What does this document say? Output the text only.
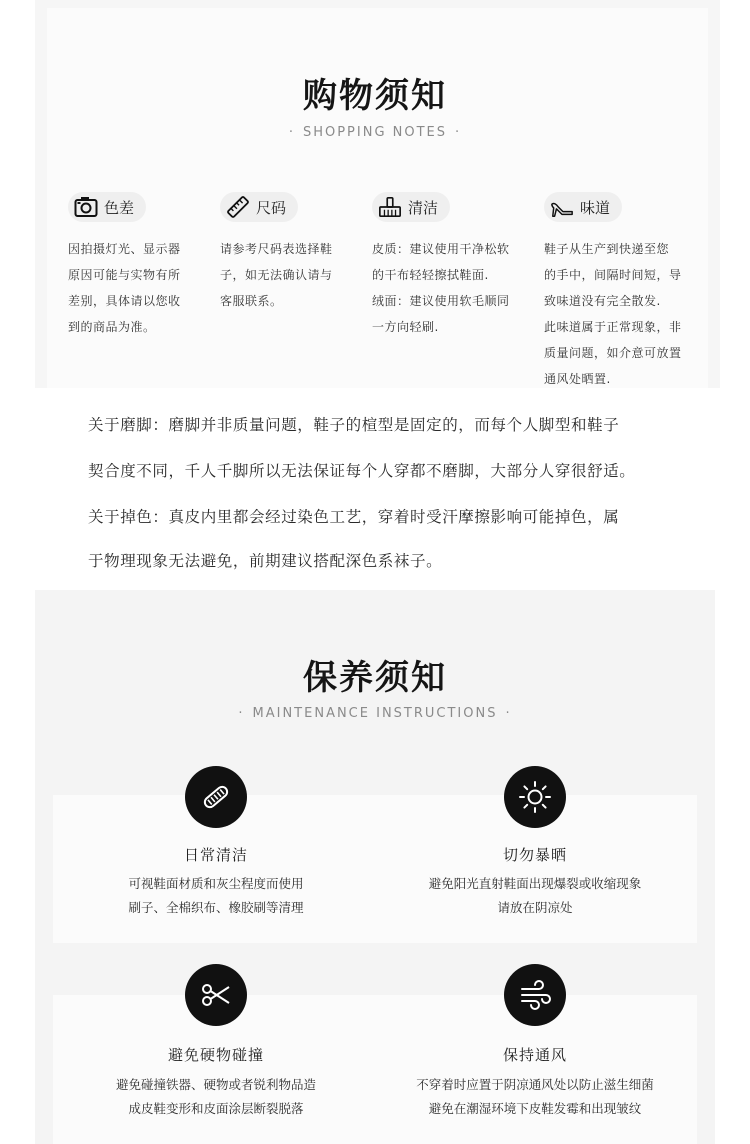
购物须知
· SHOPPING NOTES ·
色差

因拍摄灯光、显示器

原因可能与实物有所

差别，具体请以您收

到的商品为准。

尺码

请参考尺码表选择鞋

子，如无法确认请与

客服联系。

清洁

皮质：建议使用干净松软

的干布轻轻擦拭鞋面.

绒面：建议使用软毛顺同

一方向轻刷.

味道

鞋子从生产到快递至您

的手中，间隔时间短，导

致味道没有完全散发.

此味道属于正常现象，非

质量问题，如介意可放置

通风处晒置.

关于磨脚：磨脚并非质量问题，鞋子的楦型是固定的，而每个人脚型和鞋子
契合度不同，千人千脚所以无法保证每个人穿都不磨脚，大部分人穿很舒适。
关于掉色：真皮内里都会经过染色工艺，穿着时受汗摩擦影响可能掉色，属
于物理现象无法避免，前期建议搭配深色系袜子。
保养须知
· MAINTENANCE INSTRUCTIONS ·
日常清洁
可视鞋面材质和灰尘程度而使用
刷子、全棉织布、橡胶刷等清理
切勿暴晒
避免阳光直射鞋面出现爆裂或收缩现象
请放在阴凉处
避免硬物碰撞
避免碰撞铁器、硬物或者锐利物品造
成皮鞋变形和皮面涂层断裂脱落
保持通风
不穿着时应置于阴凉通风处以防止滋生细菌
避免在潮湿环境下皮鞋发霉和出现皱纹
